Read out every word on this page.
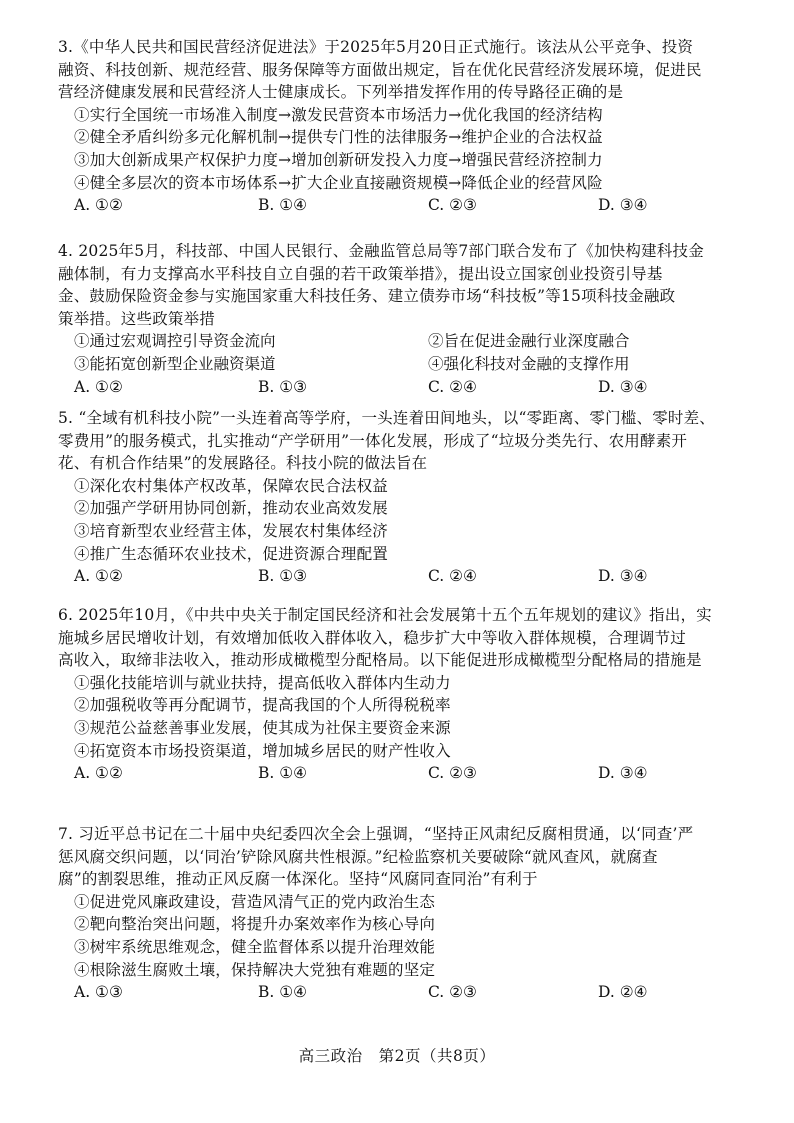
3.《中华人民共和国民营经济促进法》于2025年5月20日正式施行。该法从公平竞争、投资
融资、科技创新、规范经营、服务保障等方面做出规定，旨在优化民营经济发展环境，促进民
营经济健康发展和民营经济人士健康成长。下列举措发挥作用的传导路径正确的是
①实行全国统一市场准入制度→激发民营资本市场活力→优化我国的经济结构
②健全矛盾纠纷多元化解机制→提供专门性的法律服务→维护企业的合法权益
③加大创新成果产权保护力度→增加创新研发投入力度→增强民营经济控制力
④健全多层次的资本市场体系→扩大企业直接融资规模→降低企业的经营风险
A. ①②	B. ①④	C. ②③	D. ③④
4. 2025年5月，科技部、中国人民银行、金融监管总局等7部门联合发布了《加快构建科技金
融体制，有力支撑高水平科技自立自强的若干政策举措》，提出设立国家创业投资引导基
金、鼓励保险资金参与实施国家重大科技任务、建立债券市场“科技板”等15项科技金融政
策举措。这些政策举措
①通过宏观调控引导资金流向	②旨在促进金融行业深度融合
③能拓宽创新型企业融资渠道	④强化科技对金融的支撑作用
A. ①②	B. ①③	C. ②④	D. ③④
5. “全域有机科技小院”一头连着高等学府，一头连着田间地头，以“零距离、零门槛、零时差、
零费用”的服务模式，扎实推动“产学研用”一体化发展，形成了“垃圾分类先行、农用酵素开
花、有机合作结果”的发展路径。科技小院的做法旨在
①深化农村集体产权改革，保障农民合法权益
②加强产学研用协同创新，推动农业高效发展
③培育新型农业经营主体，发展农村集体经济
④推广生态循环农业技术，促进资源合理配置
A. ①②	B. ①③	C. ②④	D. ③④
6. 2025年10月，《中共中央关于制定国民经济和社会发展第十五个五年规划的建议》指出，实
施城乡居民增收计划，有效增加低收入群体收入，稳步扩大中等收入群体规模，合理调节过
高收入，取缔非法收入，推动形成橄榄型分配格局。以下能促进形成橄榄型分配格局的措施是
①强化技能培训与就业扶持，提高低收入群体内生动力
②加强税收等再分配调节，提高我国的个人所得税税率
③规范公益慈善事业发展，使其成为社保主要资金来源
④拓宽资本市场投资渠道，增加城乡居民的财产性收入
A. ①②	B. ①④	C. ②③	D. ③④
7. 习近平总书记在二十届中央纪委四次全会上强调，“坚持正风肃纪反腐相贯通，以‘同查’严
惩风腐交织问题，以‘同治’铲除风腐共性根源。”纪检监察机关要破除“就风查风，就腐查
腐”的割裂思维，推动正风反腐一体深化。坚持“风腐同查同治”有利于
①促进党风廉政建设，营造风清气正的党内政治生态
②靶向整治突出问题，将提升办案效率作为核心导向
③树牢系统思维观念，健全监督体系以提升治理效能
④根除滋生腐败土壤，保持解决大党独有难题的坚定
A. ①③	B. ①④	C. ②③	D. ②④
高三政治　第2页（共8页）
